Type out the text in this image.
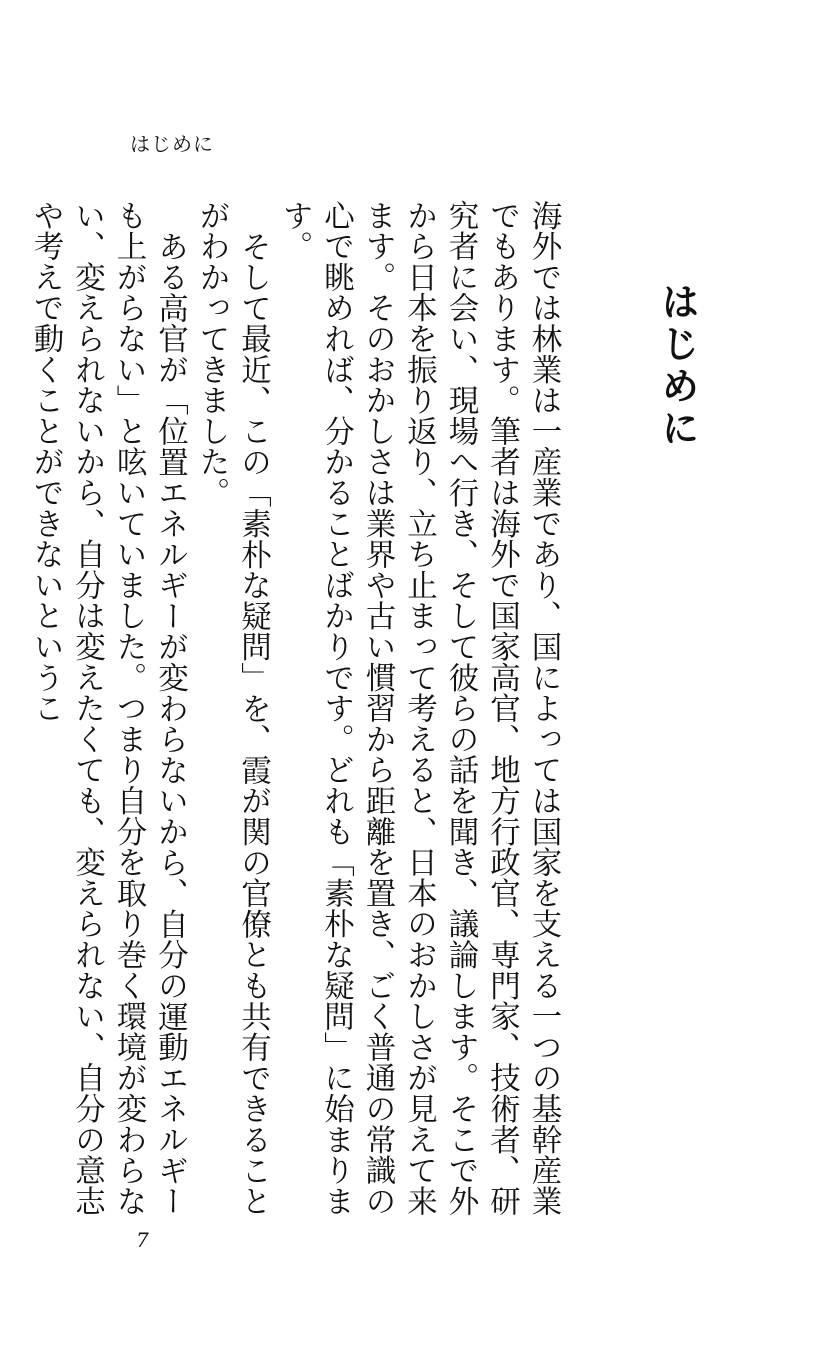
はじめに
はじめに

海外では林業は一産業であり、国によっては国家を支える一つの基幹産業でもあります。筆者は海外で国家高官、地方行政官、専門家、技術者、研究者に会い、現場へ行き、そして彼らの話を聞き、議論します。そこで外から日本を振り返り、立ち止まって考えると、日本のおかしさが見えて来ます。そのおかしさは業界や古い慣習から距離を置き、ごく普通の常識の心で眺めれば、分かることばかりです。どれも「素朴な疑問」に始まります。

そして最近、この「素朴な疑問」を、霞が関の官僚とも共有できることがわかってきました。

ある高官が「位置エネルギーが変わらないから、自分の運動エネルギーも上がらない」と呟いていました。つまり自分を取り巻く環境が変わらない、変えられないから、自分は変えたくても、変えられない、自分の意志や考えで動くことができないというこ

7
